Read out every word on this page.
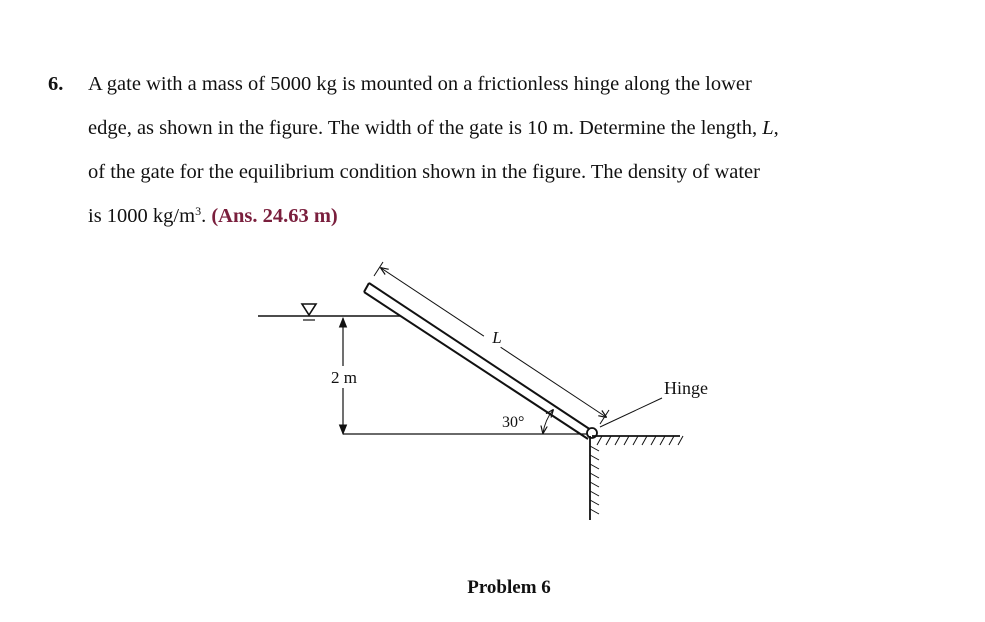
6.	A gate with a mass of 5000 kg is mounted on a frictionless hinge along the lower
edge, as shown in the figure. The width of the gate is 10 m. Determine the length, L,
of the gate for the equilibrium condition shown in the figure. The density of water
is 1000 $kg/m^3$. (Ans. 24.63 m)
2 m
L
30°
Hinge
Problem 6
